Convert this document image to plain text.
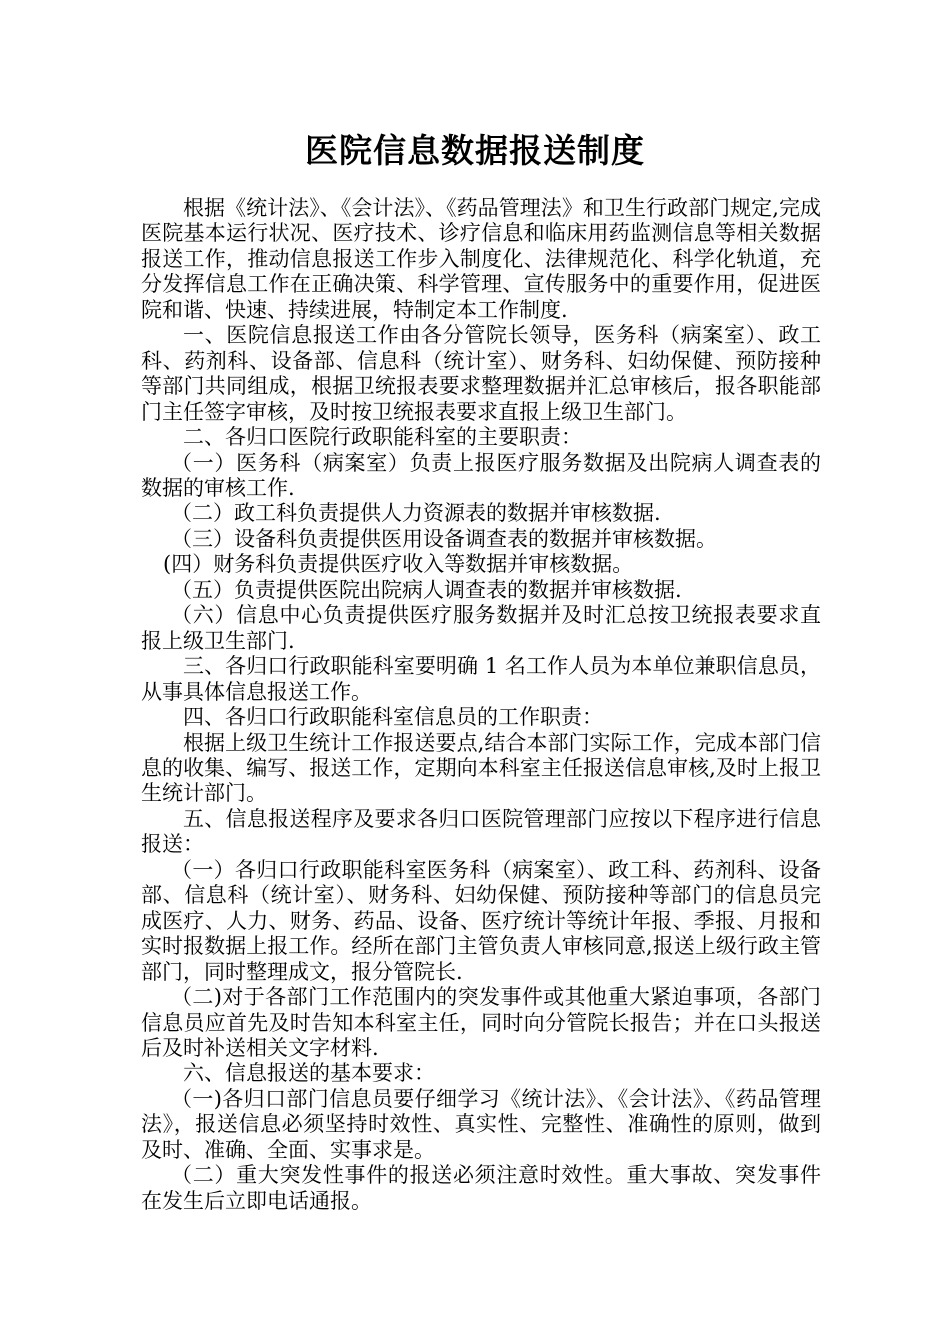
医院信息数据报送制度

根据《统计法》、《会计法》、《药品管理法》和卫生行政部门规定,完成医院基本运行状况、医疗技术、诊疗信息和临床用药监测信息等相关数据报送工作，推动信息报送工作步入制度化、法律规范化、科学化轨道，充分发挥信息工作在正确决策、科学管理、宣传服务中的重要作用，促进医院和谐、快速、持续进展，特制定本工作制度.

一、医院信息报送工作由各分管院长领导，医务科（病案室）、政工科、药剂科、设备部、信息科（统计室）、财务科、妇幼保健、预防接种等部门共同组成，根据卫统报表要求整理数据并汇总审核后，报各职能部门主任签字审核，及时按卫统报表要求直报上级卫生部门。

二、各归口医院行政职能科室的主要职责：

（一）医务科（病案室）负责上报医疗服务数据及出院病人调查表的数据的审核工作.

（二）政工科负责提供人力资源表的数据并审核数据.

（三）设备科负责提供医用设备调查表的数据并审核数据。

(四）财务科负责提供医疗收入等数据并审核数据。

（五）负责提供医院出院病人调查表的数据并审核数据.

（六）信息中心负责提供医疗服务数据并及时汇总按卫统报表要求直报上级卫生部门.

三、各归口行政职能科室要明确 1 名工作人员为本单位兼职信息员，从事具体信息报送工作。

四、各归口行政职能科室信息员的工作职责：

根据上级卫生统计工作报送要点,结合本部门实际工作，完成本部门信息的收集、编写、报送工作，定期向本科室主任报送信息审核,及时上报卫生统计部门。

五、信息报送程序及要求各归口医院管理部门应按以下程序进行信息报送：

（一）各归口行政职能科室医务科（病案室）、政工科、药剂科、设备部、信息科（统计室）、财务科、妇幼保健、预防接种等部门的信息员完成医疗、人力、财务、药品、设备、医疗统计等统计年报、季报、月报和实时报数据上报工作。经所在部门主管负责人审核同意,报送上级行政主管部门，同时整理成文，报分管院长.

（二)对于各部门工作范围内的突发事件或其他重大紧迫事项，各部门信息员应首先及时告知本科室主任，同时向分管院长报告；并在口头报送后及时补送相关文字材料.

六、信息报送的基本要求：

（一)各归口部门信息员要仔细学习《统计法》、《会计法》、《药品管理法》，报送信息必须坚持时效性、真实性、完整性、准确性的原则，做到及时、准确、全面、实事求是。

（二）重大突发性事件的报送必须注意时效性。重大事故、突发事件在发生后立即电话通报。
